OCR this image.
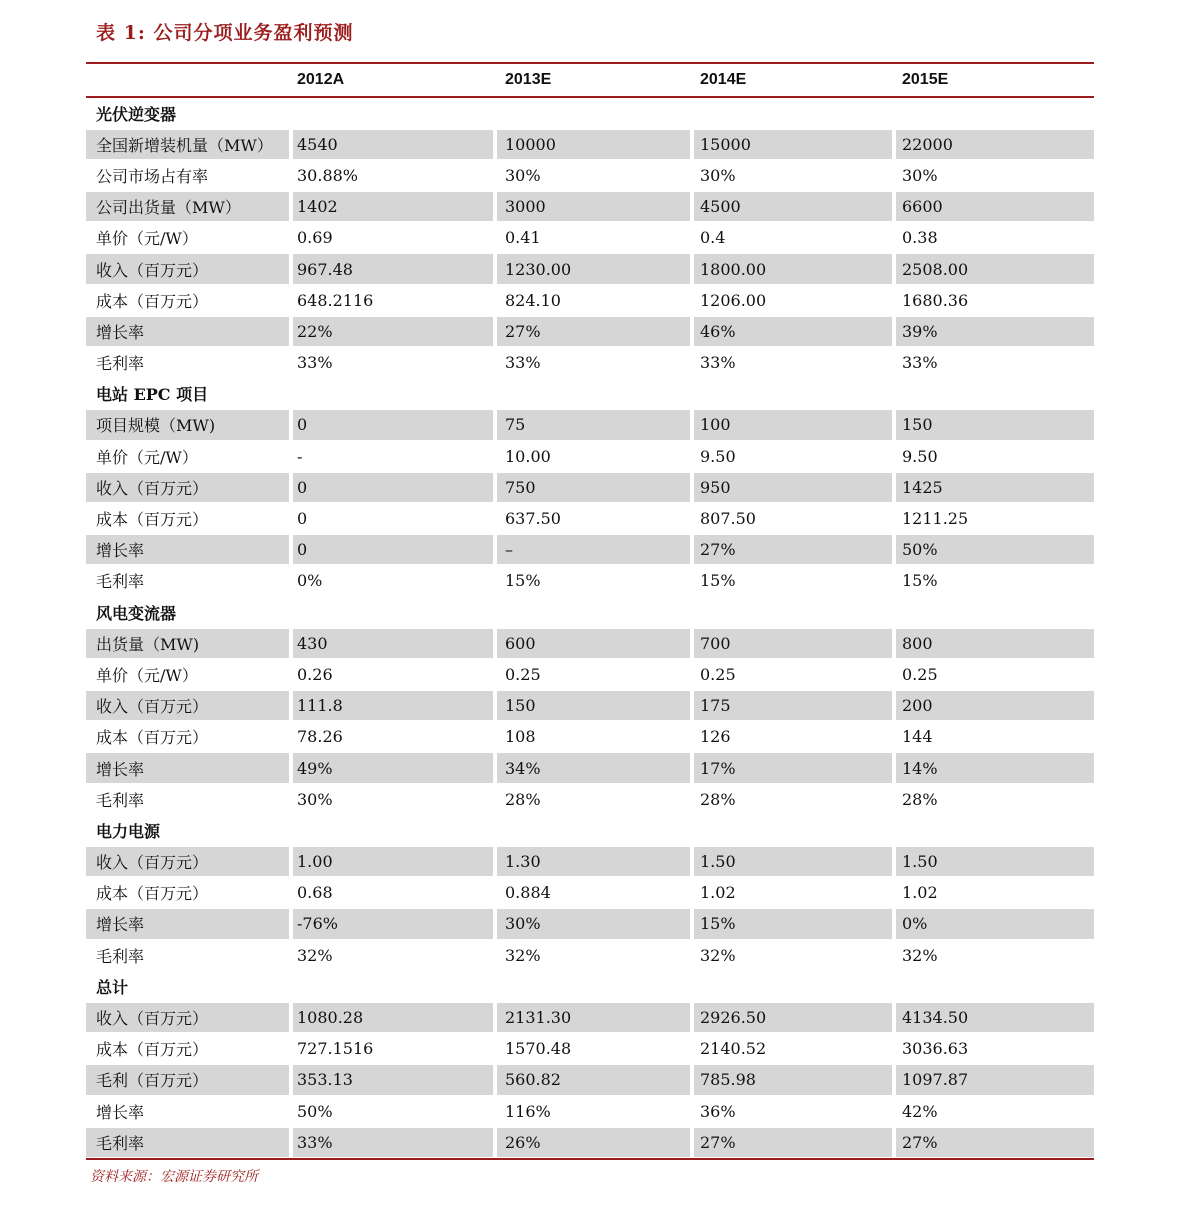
表 1: 公司分项业务盈利预测
2012A	2013E	2014E	2015E
光伏逆变器
全国新增装机量（MW） 4540	10000	15000	22000
公司市场占有率	30.88%	30%	30%	30%
公司出货量（MW）	1402	3000	4500	6600
单价（元/W）	0.69	0.41	0.4	0.38
收入（百万元）	967.48	1230.00	1800.00	2508.00
成本（百万元）	648.2116	824.10	1206.00	1680.36
增长率	22%	27%	46%	39%
毛利率	33%	33%	33%	33%
电站 EPC 项目
项目规模（MW)	0	75	100	150
单价（元/W）	-	10.00	9.50	9.50
收入（百万元）	0	750	950	1425
成本（百万元）	0	637.50	807.50	1211.25
增长率	0	–	27%	50%
毛利率	0%	15%	15%	15%
风电变流器
出货量（MW)	430	600	700	800
单价（元/W）	0.26	0.25	0.25	0.25
收入（百万元）	111.8	150	175	200
成本（百万元）	78.26	108	126	144
增长率	49%	34%	17%	14%
毛利率	30%	28%	28%	28%
电力电源
收入（百万元）	1.00	1.30	1.50	1.50
成本（百万元）	0.68	0.884	1.02	1.02
增长率	-76%	30%	15%	0%
毛利率	32%	32%	32%	32%
总计
收入（百万元）	1080.28	2131.30	2926.50	4134.50
成本（百万元）	727.1516	1570.48	2140.52	3036.63
毛利（百万元）	353.13	560.82	785.98	1097.87
增长率	50%	116%	36%	42%
毛利率	33%	26%	27%	27%
资料来源：宏源证券研究所
